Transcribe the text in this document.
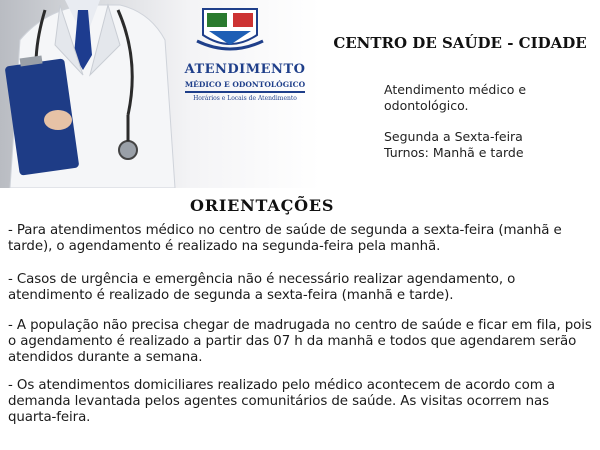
ATENDIMENTO
MÉDICO E ODONTOLÓGICO
Horários e Locais de Atendimento
CENTRO DE SAÚDE - CIDADE
Atendimento médico e odontológico.
Segunda a Sexta-feira
Turnos: Manhã e tarde
ORIENTAÇÕES
- Para atendimentos médico no centro de saúde de segunda a sexta-feira (manhã e tarde), o agendamento é realizado na segunda-feira pela manhã.
- Casos de urgência e emergência não é necessário realizar agendamento, o atendimento é realizado de segunda a sexta-feira (manhã e tarde).
- A população não precisa chegar de madrugada no centro de saúde e ficar em fila, pois o agendamento é realizado a partir das 07 h da manhã e todos que agendarem serão atendidos durante a semana.
- Os atendimentos domiciliares realizado pelo médico acontecem de acordo com a demanda levantada pelos agentes comunitários de saúde. As visitas ocorrem nas quarta-feira.
